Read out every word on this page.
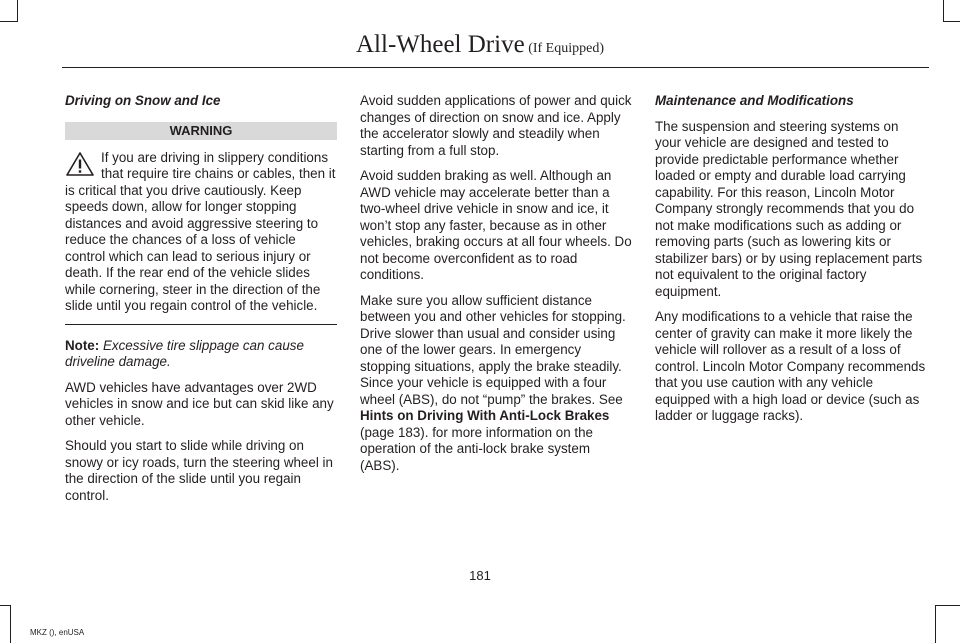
All-Wheel Drive (If Equipped)

Driving on Snow and Ice

WARNING

If you are driving in slippery conditions that require tire chains or cables, then it is critical that you drive cautiously. Keep speeds down, allow for longer stopping distances and avoid aggressive steering to reduce the chances of a loss of vehicle control which can lead to serious injury or death. If the rear end of the vehicle slides while cornering, steer in the direction of the slide until you regain control of the vehicle.

Note: Excessive tire slippage can cause driveline damage.

AWD vehicles have advantages over 2WD vehicles in snow and ice but can skid like any other vehicle.

Should you start to slide while driving on snowy or icy roads, turn the steering wheel in the direction of the slide until you regain control.

Avoid sudden applications of power and quick changes of direction on snow and ice. Apply the accelerator slowly and steadily when starting from a full stop.

Avoid sudden braking as well. Although an AWD vehicle may accelerate better than a two-wheel drive vehicle in snow and ice, it won’t stop any faster, because as in other vehicles, braking occurs at all four wheels. Do not become overconfident as to road conditions.

Make sure you allow sufficient distance between you and other vehicles for stopping. Drive slower than usual and consider using one of the lower gears. In emergency stopping situations, apply the brake steadily. Since your vehicle is equipped with a four wheel (ABS), do not “pump” the brakes. See Hints on Driving With Anti-Lock Brakes (page 183). for more information on the operation of the anti-lock brake system (ABS).

Maintenance and Modifications

The suspension and steering systems on your vehicle are designed and tested to provide predictable performance whether loaded or empty and durable load carrying capability. For this reason, Lincoln Motor Company strongly recommends that you do not make modifications such as adding or removing parts (such as lowering kits or stabilizer bars) or by using replacement parts not equivalent to the original factory equipment.

Any modifications to a vehicle that raise the center of gravity can make it more likely the vehicle will rollover as a result of a loss of control. Lincoln Motor Company recommends that you use caution with any vehicle equipped with a high load or device (such as ladder or luggage racks).

181
MKZ (), enUSA
